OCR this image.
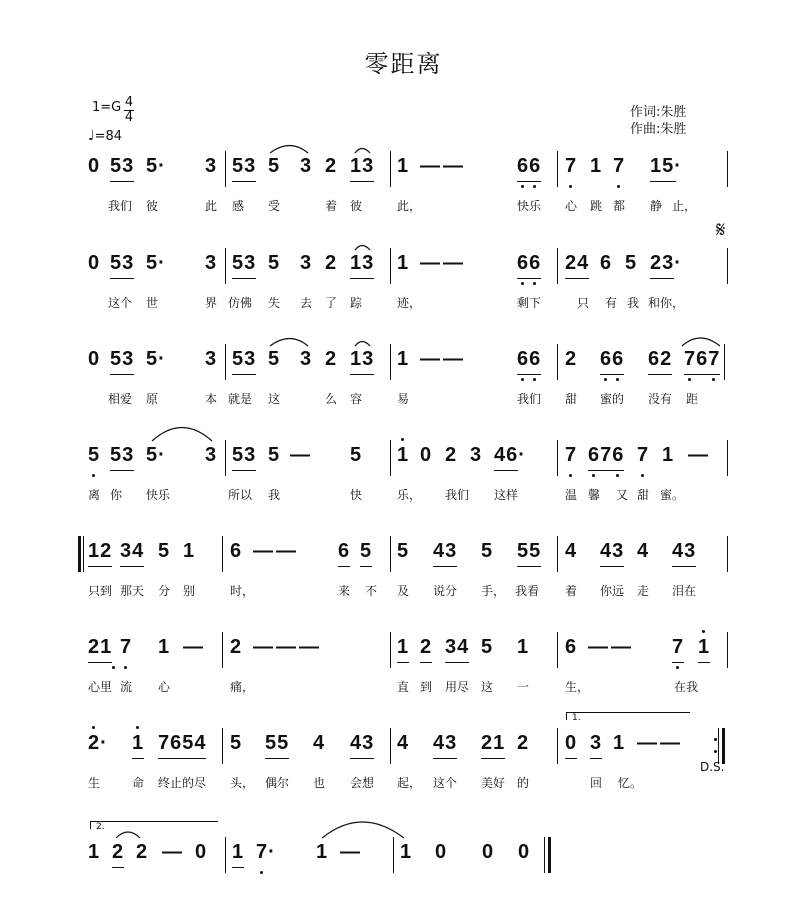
零距离
1=G 4
4
♩=84
作词:朱胜
作曲:朱胜
0 53 5· 3 53 5 3 2 13 1 — —	66 7 1 7 15·
我们 彼	此 感 受	着 彼	此，	快乐 心 跳 都 静 止，
𝄋
0 53 5· 3 53 5 3 2 13 1 — —	66 24 6 5 23·
这个 世	界 仿佛 失 去 了 踪	迹，	剩下	只 有 我 和你，
0 53 5· 3 53 5 3 2 13 1 — —	66 2 66 62 767
相爱 原	本 就是 这	么 容	易	我们 甜 蜜的 没有 距
5 53 5· 3 53 5 — 5 1 0 2 3 46· 7 676 7 1 —
离 你 快乐	所以 我	快	乐， 我们 这样	温 馨 又 甜 蜜。
12 34 5 1 6 — — 6 5 5 43 5 55 4 43 4 43
只到 那天 分 别	时，	来 不 及 说分 手， 我看 着 你远 走 泪在
21 7 1 — 2 — — —	1 2 34 5 1 6 — — 7 1
心里 流 心	痛，	直 到 用尽 这 一	生，	在我
2· 1 7654 5 55 4 43 4 43 21 2 0 3 1 — —
1.
生	命 终止的尽 头， 偶尔 也 会想 起， 这个 美好 的	回 忆。
D.S.
2.
1 2 2 — 0 1 7· 1 — 1 0 0 0
